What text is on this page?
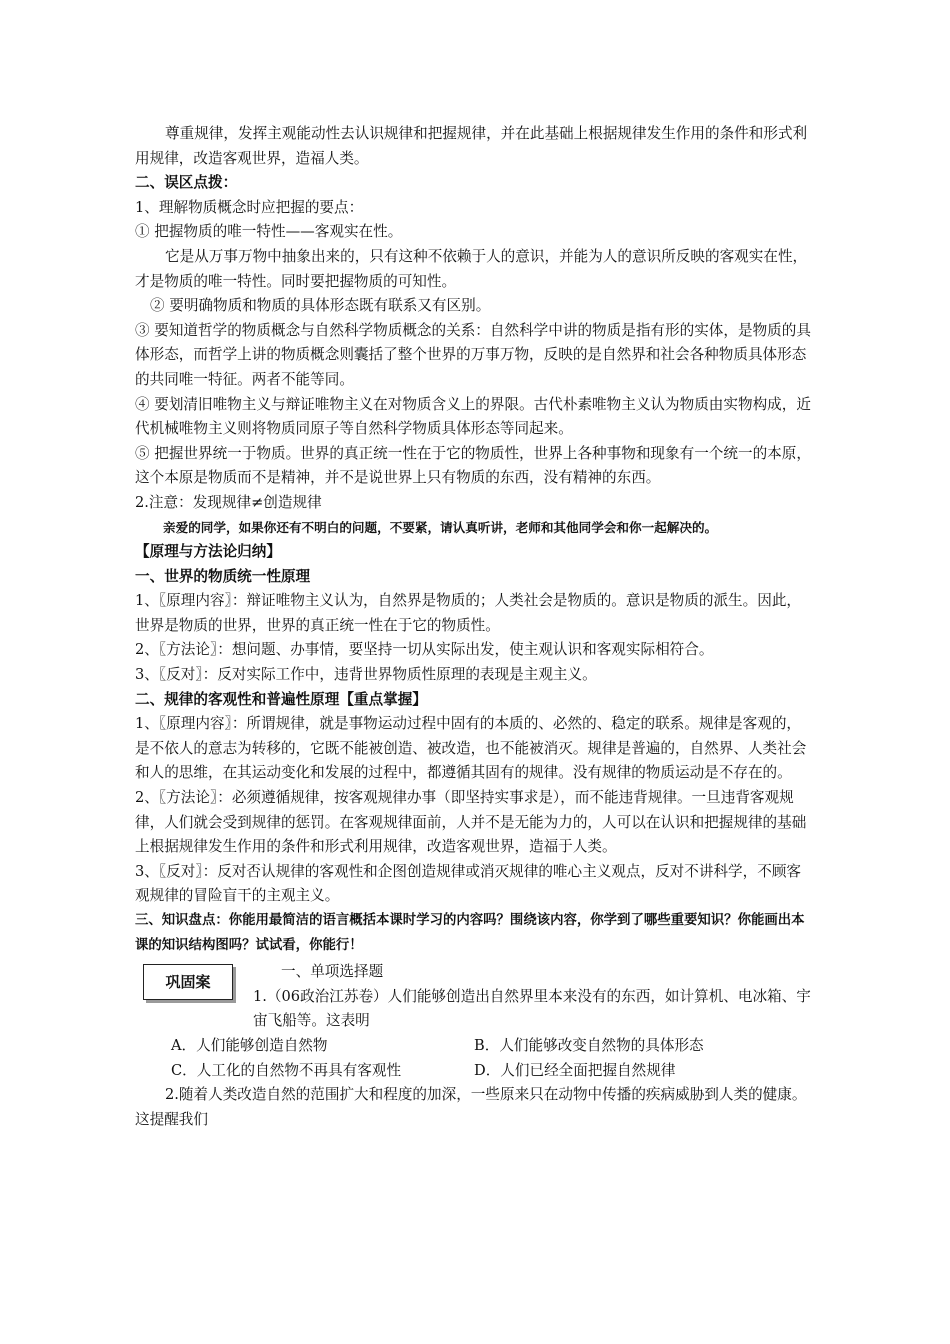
尊重规律，发挥主观能动性去认识规律和把握规律，并在此基础上根据规律发生作用的条件和形式利用规律，改造客观世界，造福人类。

二、误区点拨：

1、理解物质概念时应把握的要点：

① 把握物质的唯一特性——客观实在性。

它是从万事万物中抽象出来的，只有这种不依赖于人的意识，并能为人的意识所反映的客观实在性，才是物质的唯一特性。同时要把握物质的可知性。

② 要明确物质和物质的具体形态既有联系又有区别。

③ 要知道哲学的物质概念与自然科学物质概念的关系：自然科学中讲的物质是指有形的实体，是物质的具体形态，而哲学上讲的物质概念则囊括了整个世界的万事万物，反映的是自然界和社会各种物质具体形态的共同唯一特征。两者不能等同。

④ 要划清旧唯物主义与辩证唯物主义在对物质含义上的界限。古代朴素唯物主义认为物质由实物构成，近代机械唯物主义则将物质同原子等自然科学物质具体形态等同起来。

⑤ 把握世界统一于物质。世界的真正统一性在于它的物质性，世界上各种事物和现象有一个统一的本原，这个本原是物质而不是精神，并不是说世界上只有物质的东西，没有精神的东西。

2.注意：发现规律≠创造规律

亲爱的同学，如果你还有不明白的问题，不要紧，请认真听讲，老师和其他同学会和你一起解决的。

【原理与方法论归纳】

一、世界的物质统一性原理

1、〖原理内容〗：辩证唯物主义认为，自然界是物质的；人类社会是物质的。意识是物质的派生。因此，世界是物质的世界，世界的真正统一性在于它的物质性。

2、〖方法论〗：想问题、办事情，要坚持一切从实际出发，使主观认识和客观实际相符合。

3、〖反对〗：反对实际工作中，违背世界物质性原理的表现是主观主义。

二、规律的客观性和普遍性原理【重点掌握】

1、〖原理内容〗：所谓规律，就是事物运动过程中固有的本质的、必然的、稳定的联系。规律是客观的，是不依人的意志为转移的，它既不能被创造、被改造，也不能被消灭。规律是普遍的，自然界、人类社会和人的思维，在其运动变化和发展的过程中，都遵循其固有的规律。没有规律的物质运动是不存在的。

2、〖方法论〗：必须遵循规律，按客观规律办事（即坚持实事求是），而不能违背规律。一旦违背客观规律，人们就会受到规律的惩罚。在客观规律面前，人并不是无能为力的，人可以在认识和把握规律的基础上根据规律发生作用的条件和形式利用规律，改造客观世界，造福于人类。

3、〖反对〗：反对否认规律的客观性和企图创造规律或消灭规律的唯心主义观点，反对不讲科学，不顾客观规律的冒险盲干的主观主义。

三、知识盘点：你能用最简洁的语言概括本课时学习的内容吗？围绕该内容，你学到了哪些重要知识？你能画出本课的知识结构图吗？试试看，你能行！

巩固案

一、单项选择题

1.（06政治江苏卷）人们能够创造出自然界里本来没有的东西，如计算机、电冰箱、宇宙飞船等。这表明

A．人们能够创造自然物	B．人们能够改变自然物的具体形态
C．人工化的自然物不再具有客观性	D．人们已经全面把握自然规律

2.随着人类改造自然的范围扩大和程度的加深，一些原来只在动物中传播的疾病威胁到人类的健康。这提醒我们
